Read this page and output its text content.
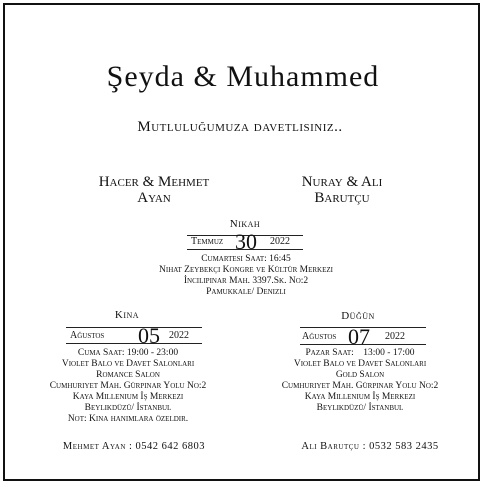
Şeyda & Muhammed
Mutluluğumuza davetlisiniz..
Hacer & Mehmet
Ayan
Nuray & Ali
Barutçu
Nikah
Temmuz 30 2022
Cumartesi Saat: 16:45
Nihat Zeybekçi Kongre ve Kültür Merkezi
İncilipınar Mah. 3397.Sk. No:2
Pamukkale/ Denizli
Kına
Ağustos 05 2022
Cuma Saat: 19:00 - 23:00
Violet Balo ve Davet Salonları
Romance Salon
Cumhuriyet Mah. Gürpınar Yolu No:2
Kaya Millenium İş Merkezi
Beylikdüzü/ İstanbul
Not: Kına hanımlara özeldir.
Mehmet Ayan : 0542 642 6803
Düğün
Ağustos 07 2022
Pazar Saat:    13:00 - 17:00
Violet Balo ve Davet Salonları
Gold Salon
Cumhuriyet Mah. Gürpınar Yolu No:2
Kaya Millenium İş Merkezi
Beylikdüzü/ İstanbul
Ali Barutçu : 0532 583 2435
